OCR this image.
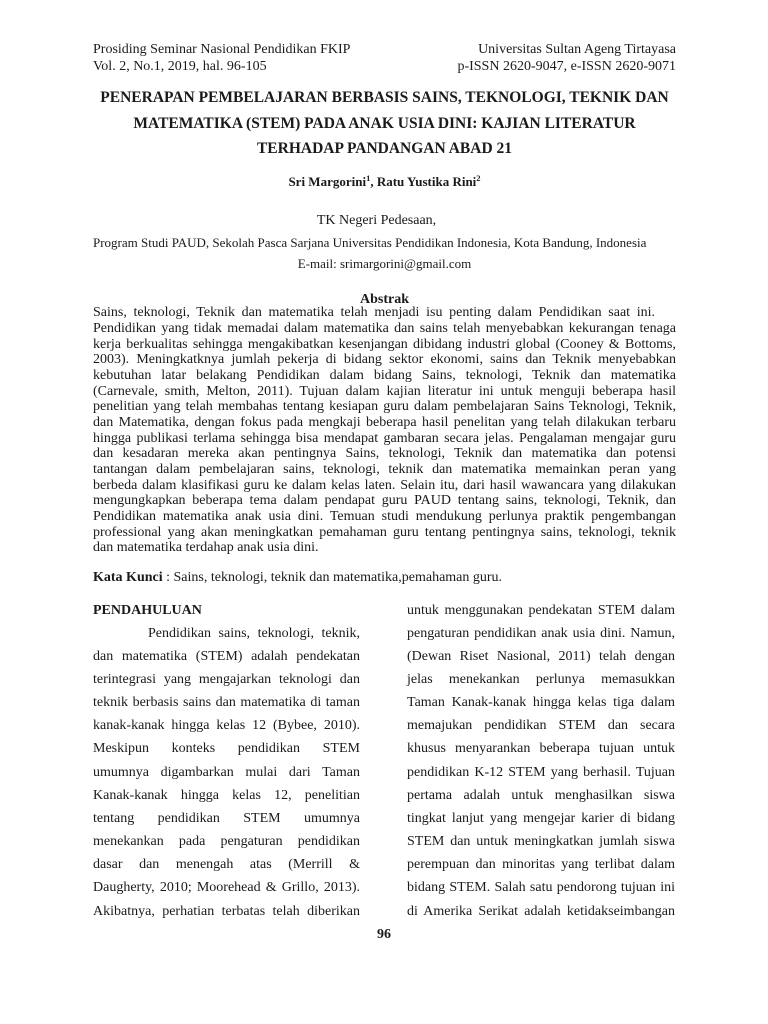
Prosiding Seminar Nasional Pendidikan FKIP	Universitas Sultan Ageng Tirtayasa
Vol. 2, No.1, 2019, hal. 96-105	p-ISSN 2620-9047, e-ISSN 2620-9071
PENERAPAN PEMBELAJARAN BERBASIS SAINS, TEKNOLOGI, TEKNIK DAN
MATEMATIKA (STEM) PADA ANAK USIA DINI: KAJIAN LITERATUR
TERHADAP PANDANGAN ABAD 21
Sri Margorini$^1$, Ratu Yustika Rini$^2$
TK Negeri Pedesaan,
Program Studi PAUD, Sekolah Pasca Sarjana Universitas Pendidikan Indonesia, Kota Bandung, Indonesia
E-mail: srimargorini@gmail.com
Abstrak
Sains, teknologi, Teknik dan matematika telah menjadi isu penting dalam Pendidikan saat ini.
Pendidikan yang tidak memadai dalam matematika dan sains telah menyebabkan kekurangan tenaga
kerja berkualitas sehingga mengakibatkan kesenjangan dibidang industri global (Cooney & Bottoms,
2003). Meningkatknya jumlah pekerja di bidang sektor ekonomi, sains dan Teknik menyebabkan
kebutuhan latar belakang Pendidikan dalam bidang Sains, teknologi, Teknik dan matematika
(Carnevale, smith, Melton, 2011). Tujuan dalam kajian literatur ini untuk menguji beberapa hasil
penelitian yang telah membahas tentang kesiapan guru dalam pembelajaran Sains Teknologi, Teknik,
dan Matematika, dengan fokus pada mengkaji beberapa hasil penelitan yang telah dilakukan terbaru
hingga publikasi terlama sehingga bisa mendapat gambaran secara jelas. Pengalaman mengajar guru
dan kesadaran mereka akan pentingnya Sains, teknologi, Teknik dan matematika dan potensi
tantangan dalam pembelajaran sains, teknologi, teknik dan matematika memainkan peran yang
berbeda dalam klasifikasi guru ke dalam kelas laten. Selain itu, dari hasil wawancara yang dilakukan
mengungkapkan beberapa tema dalam pendapat guru PAUD tentang sains, teknologi, Teknik, dan
Pendidikan matematika anak usia dini. Temuan studi mendukung perlunya praktik pengembangan
professional yang akan meningkatkan pemahaman guru tentang pentingnya sains, teknologi, teknik
dan matematika terdahap anak usia dini.
Kata Kunci : Sains, teknologi, teknik dan matematika,pemahaman guru.
PENDAHULUAN
Pendidikan sains, teknologi, teknik,
dan matematika (STEM) adalah pendekatan
terintegrasi yang mengajarkan teknologi dan
teknik berbasis sains dan matematika di taman
kanak-kanak hingga kelas 12 (Bybee, 2010).
Meskipun konteks pendidikan STEM
umumnya digambarkan mulai dari Taman
Kanak-kanak hingga kelas 12, penelitian
tentang pendidikan STEM umumnya
menekankan pada pengaturan pendidikan
dasar dan menengah atas (Merrill &
Daugherty, 2010; Moorehead & Grillo, 2013).
Akibatnya, perhatian terbatas telah diberikan
untuk menggunakan pendekatan STEM dalam
pengaturan pendidikan anak usia dini. Namun,
(Dewan Riset Nasional, 2011) telah dengan
jelas menekankan perlunya memasukkan
Taman Kanak-kanak hingga kelas tiga dalam
memajukan pendidikan STEM dan secara
khusus menyarankan beberapa tujuan untuk
pendidikan K-12 STEM yang berhasil. Tujuan
pertama adalah untuk menghasilkan siswa
tingkat lanjut yang mengejar karier di bidang
STEM dan untuk meningkatkan jumlah siswa
perempuan dan minoritas yang terlibat dalam
bidang STEM. Salah satu pendorong tujuan ini
di Amerika Serikat adalah ketidakseimbangan
96
